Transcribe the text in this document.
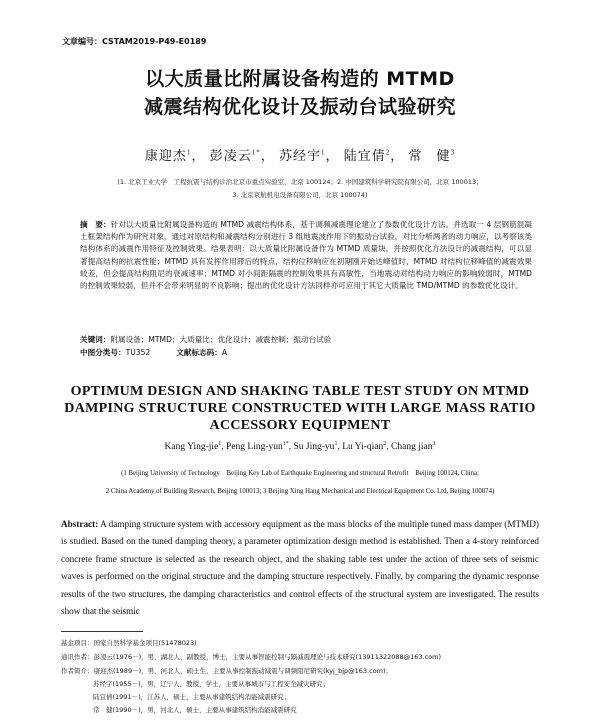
文章编号：CSTAM2019-P49-E0189
以大质量比附属设备构造的 MTMD
减震结构优化设计及振动台试验研究
康迎杰$^1$， 彭凌云$^{1*}$， 苏经宇$^1$， 陆宜倩$^2$， 常　健$^3$
(1. 北京工业大学　工程抗震与结构诊治北京市重点实验室，北京 100124；2. 中国建筑科学研究院有限公司，北京 100013；
3. 北京京航机电设备有限公司，北京 100074)
摘　要：针对以大质量比附属设备构造的 MTMD 减震结构体系，基于调频减震理论建立了参数优化设计方法。并选取一 4 层钢筋混凝土框架结构作为研究对象，通过对原结构和减震结构分别进行 3 组地震波作用下的振动台试验，对比分析两者的动力响应，以考察该类结构体系的减震作用特征及控制效果。结果表明：以大质量比附属设备作为 MTMD 质量块，并按照优化方法设计的减震结构，可以显著提高结构的抗震性能；MTMD 具有发挥作用滞后的特点，结构位移响应在初期刚开始达峰值时，MTMD 对结构位移峰值的减震效果较差，但会提高结构阻尼的衰减速率；MTMD 对小间距隔震的控制效果具有高敏性，当地震动对结构动力响应的影响较弱时，MTMD 的控制效果较弱，但并不会带来明显的不良影响；提出的优化设计方法同样亦可应用于其它大质量比 TMD/MTMD 的参数优化设计。
关键词：附属设备；MTMD；大质量比；优化设计；减震控制；振动台试验
中图分类号：TU352	文献标志码：A
OPTIMUM DESIGN AND SHAKING TABLE TEST STUDY ON MTMD
DAMPING STRUCTURE CONSTRUCTED WITH LARGE MASS RATIO
ACCESSORY EQUIPMENT
Kang Ying-jie$^1$, Peng Ling-yun$^{1*}$, Su Jing-$yu^1$, Lu Yi-qian$^2$, Chang jian$^3$
(1 Beijing University of Technology　Beijing Key Lab of Earthquake Engineering and structural Retrofit　Beijing 100124, China;
2 China Academy of Building Research, Beijing 100013; 3 Beijing Xing Hang Mechanical and Electrical Equipment Co. Ltd, Beijing 100074)
Abstract: A damping structure system with accessory equipment as the mass blocks of the multiple tuned mass damper (MTMD) is studied. Based on the tuned damping theory, a parameter optimization design method is established. Then a 4-story reinforced concrete frame structure is selected as the research object, and the shaking table test under the action of three sets of seismic waves is performed on the original structure and the damping structure respectively. Finally, by comparing the dynamic response results of the two structures, the damping characteristics and control effects of the structural system are investigated. The results show that the seismic
基金项目：国家自然科学基金项目(51478023)
通讯作者：彭凌云(1976－)，男，湖北人，副教授，博士，主要从事智能控制与隔减震理论与技术研究(13911322088@163.com)
作者简介：康迎杰(1989－)，男，河北人，硕士生，主要从事控制振动减震与调频阻尼研究(kyj_bjp@163.com)；
苏经宇(1955－)，男，辽宁人，教授，学士，主要从事城市与工程安全减灾研究；
陆宜倩(1991－)，江苏人，硕士，主要从事建筑结构消能减震研究；
常　健(1990－)，男，河北人，硕士，主要从事建筑结构消能减震研究
